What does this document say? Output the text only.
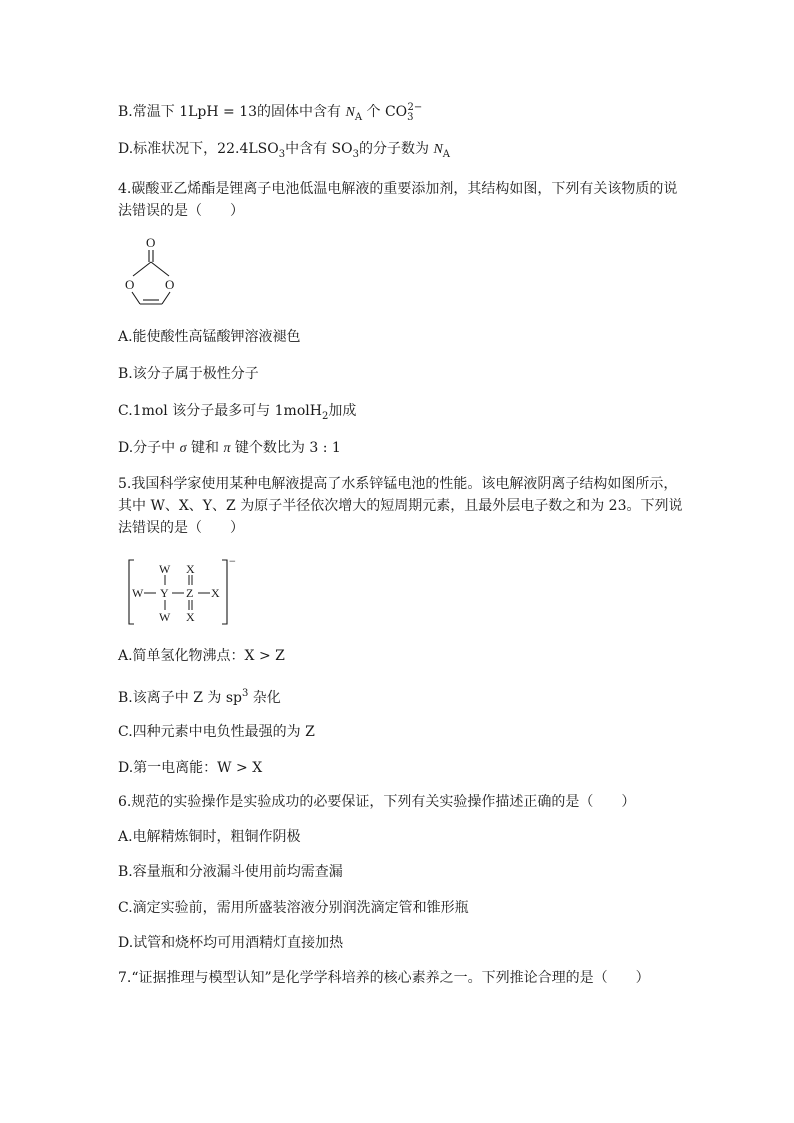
B.常温下 1LpH = 13的固体中含有 $N_A$ 个 $CO_3^{2-}$
D.标准状况下，$22.4LSO_3$中含有 $SO_3$的分子数为 $N_A$
4.碳酸亚乙烯酯是锂离子电池低温电解液的重要添加剂，其结构如图，下列有关该物质的说
法错误的是（　　）
O
O O
A.能使酸性高锰酸钾溶液褪色
B.该分子属于极性分子
C.1mol 该分子最多可与 1molH$_2$加成
D.分子中 σ 键和 π 键个数比为 3 : 1
5.我国科学家使用某种电解液提高了水系锌锰电池的性能。该电解液阴离子结构如图所示，
其中 W、X、Y、Z 为原子半径依次增大的短周期元素，且最外层电子数之和为 23。下列说
法错误的是（　　）
−
W
W Y
W
X
Z X
X
A.简单氢化物沸点：X > Z
B.该离子中 Z 为 $sp^3$ 杂化
C.四种元素中电负性最强的为 Z
D.第一电离能：W > X
6.规范的实验操作是实验成功的必要保证，下列有关实验操作描述正确的是（　　）
A.电解精炼铜时，粗铜作阴极
B.容量瓶和分液漏斗使用前均需查漏
C.滴定实验前，需用所盛装溶液分别润洗滴定管和锥形瓶
D.试管和烧杯均可用酒精灯直接加热
7.“证据推理与模型认知”是化学学科培养的核心素养之一。下列推论合理的是（　　）
